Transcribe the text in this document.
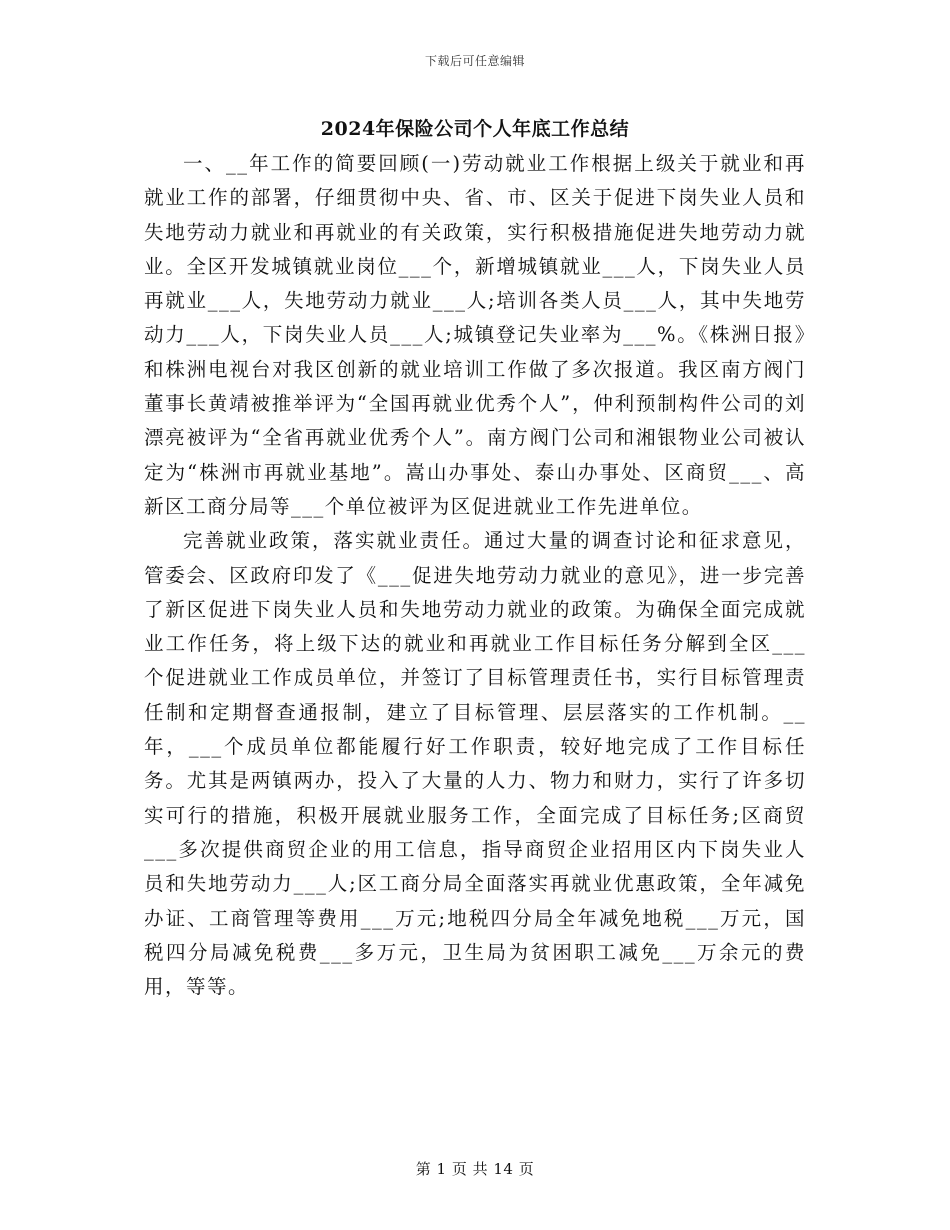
下载后可任意编辑
2024年保险公司个人年底工作总结

一、__年工作的简要回顾(一)劳动就业工作根据上级关于就业和再就业工作的部署，仔细贯彻中央、省、市、区关于促进下岗失业人员和失地劳动力就业和再就业的有关政策，实行积极措施促进失地劳动力就业。全区开发城镇就业岗位___个，新增城镇就业___人，下岗失业人员再就业___人，失地劳动力就业___人;培训各类人员___人，其中失地劳动力___人，下岗失业人员___人;城镇登记失业率为___%。《株洲日报》和株洲电视台对我区创新的就业培训工作做了多次报道。我区南方阀门董事长黄靖被推举评为“全国再就业优秀个人”，仲利预制构件公司的刘漂亮被评为“全省再就业优秀个人”。南方阀门公司和湘银物业公司被认定为“株洲市再就业基地”。嵩山办事处、泰山办事处、区商贸___、高新区工商分局等___个单位被评为区促进就业工作先进单位。

完善就业政策，落实就业责任。通过大量的调查讨论和征求意见，管委会、区政府印发了《___促进失地劳动力就业的意见》，进一步完善了新区促进下岗失业人员和失地劳动力就业的政策。为确保全面完成就业工作任务，将上级下达的就业和再就业工作目标任务分解到全区___个促进就业工作成员单位，并签订了目标管理责任书，实行目标管理责任制和定期督查通报制，建立了目标管理、层层落实的工作机制。__年，___个成员单位都能履行好工作职责，较好地完成了工作目标任务。尤其是两镇两办，投入了大量的人力、物力和财力，实行了许多切实可行的措施，积极开展就业服务工作，全面完成了目标任务;区商贸___多次提供商贸企业的用工信息，指导商贸企业招用区内下岗失业人员和失地劳动力___人;区工商分局全面落实再就业优惠政策，全年减免办证、工商管理等费用___万元;地税四分局全年减免地税___万元，国税四分局减免税费___多万元，卫生局为贫困职工减免___万余元的费用，等等。

第 1 页 共 14 页
